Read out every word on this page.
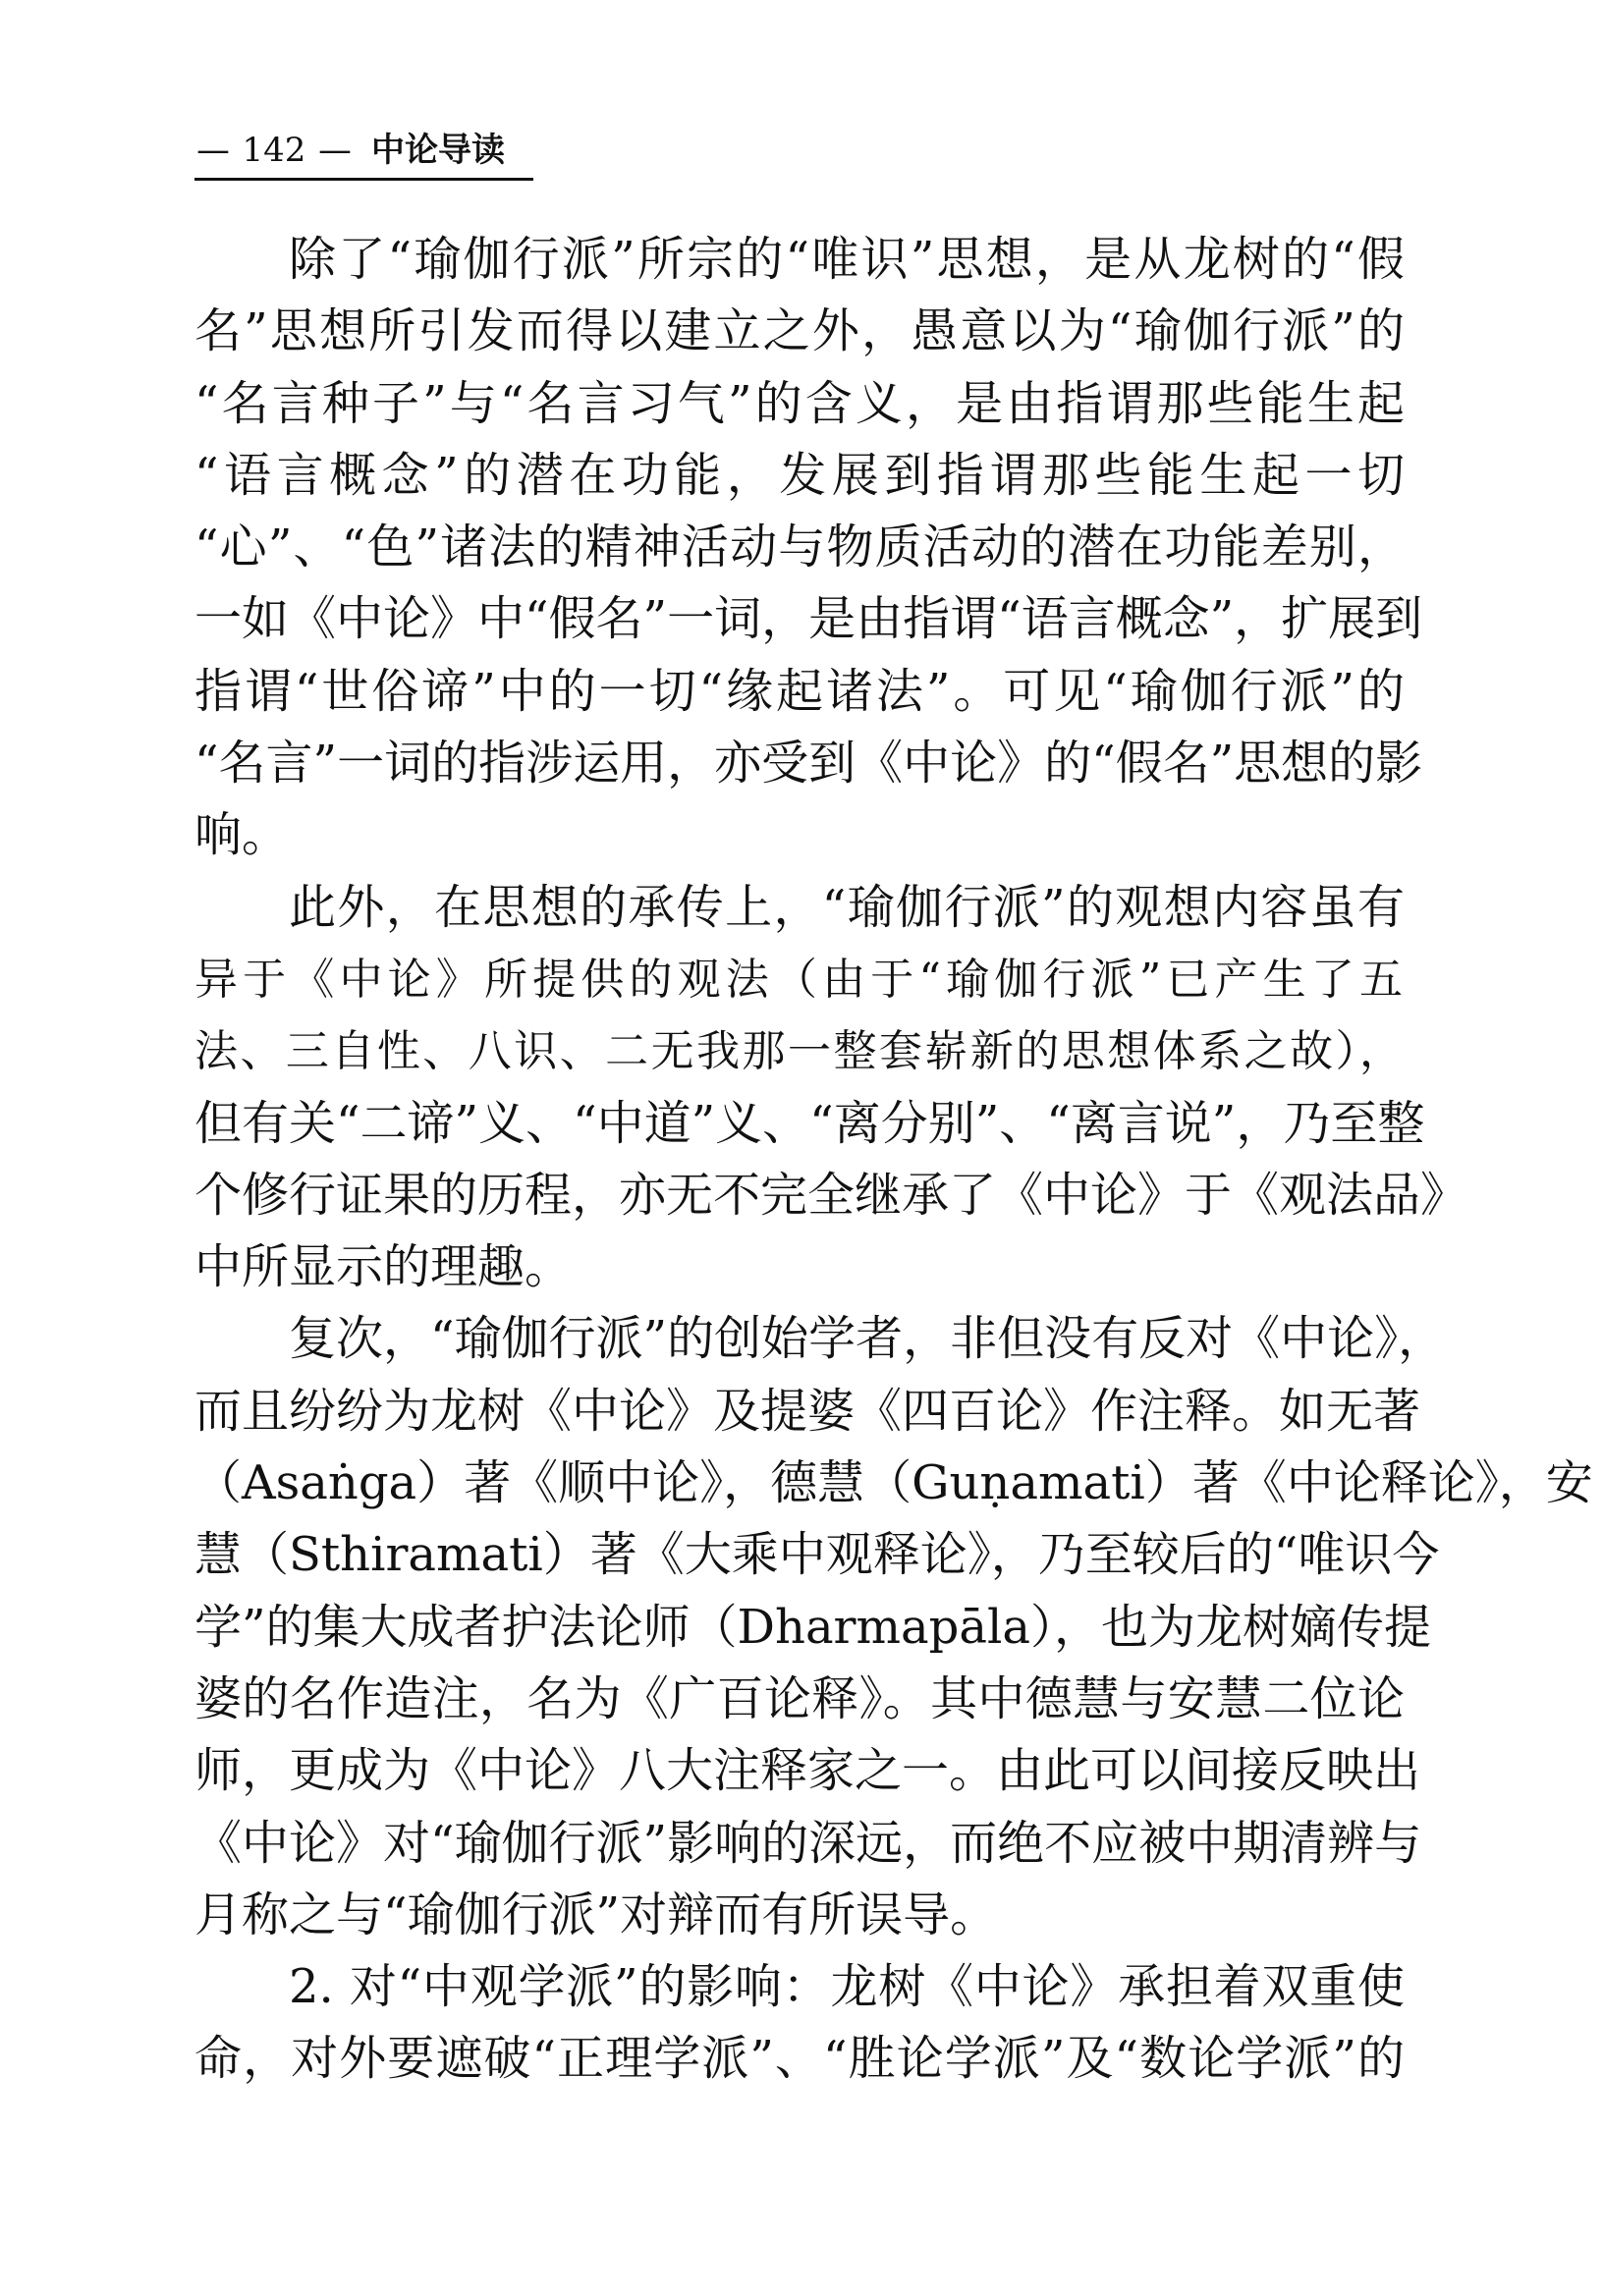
— 142 — 中论导读
除了“瑜伽行派”所宗的“唯识”思想，是从龙树的“假
名”思想所引发而得以建立之外，愚意以为“瑜伽行派”的
“名言种子”与“名言习气”的含义，是由指谓那些能生起
“语言概念”的潜在功能，发展到指谓那些能生起一切
“心”、“色”诸法的精神活动与物质活动的潜在功能差别，
一如《中论》中“假名”一词，是由指谓“语言概念”，扩展到
指谓“世俗谛”中的一切“缘起诸法”。可见“瑜伽行派”的
“名言”一词的指涉运用，亦受到《中论》的“假名”思想的影
响。
此外，在思想的承传上，“瑜伽行派”的观想内容虽有
异于《中论》所提供的观法（由于“瑜伽行派”已产生了五
法、三自性、八识、二无我那一整套崭新的思想体系之故），
但有关“二谛”义、“中道”义、“离分别”、“离言说”，乃至整
个修行证果的历程，亦无不完全继承了《中论》于《观法品》
中所显示的理趣。
复次，“瑜伽行派”的创始学者，非但没有反对《中论》，
而且纷纷为龙树《中论》及提婆《四百论》作注释。如无著
（Asaṅga）著《顺中论》，德慧（Guṇamati）著《中论释论》，安
慧（Sthiramati）著《大乘中观释论》，乃至较后的“唯识今
学”的集大成者护法论师（Dharmapāla），也为龙树嫡传提
婆的名作造注，名为《广百论释》。其中德慧与安慧二位论
师，更成为《中论》八大注释家之一。由此可以间接反映出
《中论》对“瑜伽行派”影响的深远，而绝不应被中期清辨与
月称之与“瑜伽行派”对辩而有所误导。
2. 对“中观学派”的影响：龙树《中论》承担着双重使
命，对外要遮破“正理学派”、“胜论学派”及“数论学派”的
